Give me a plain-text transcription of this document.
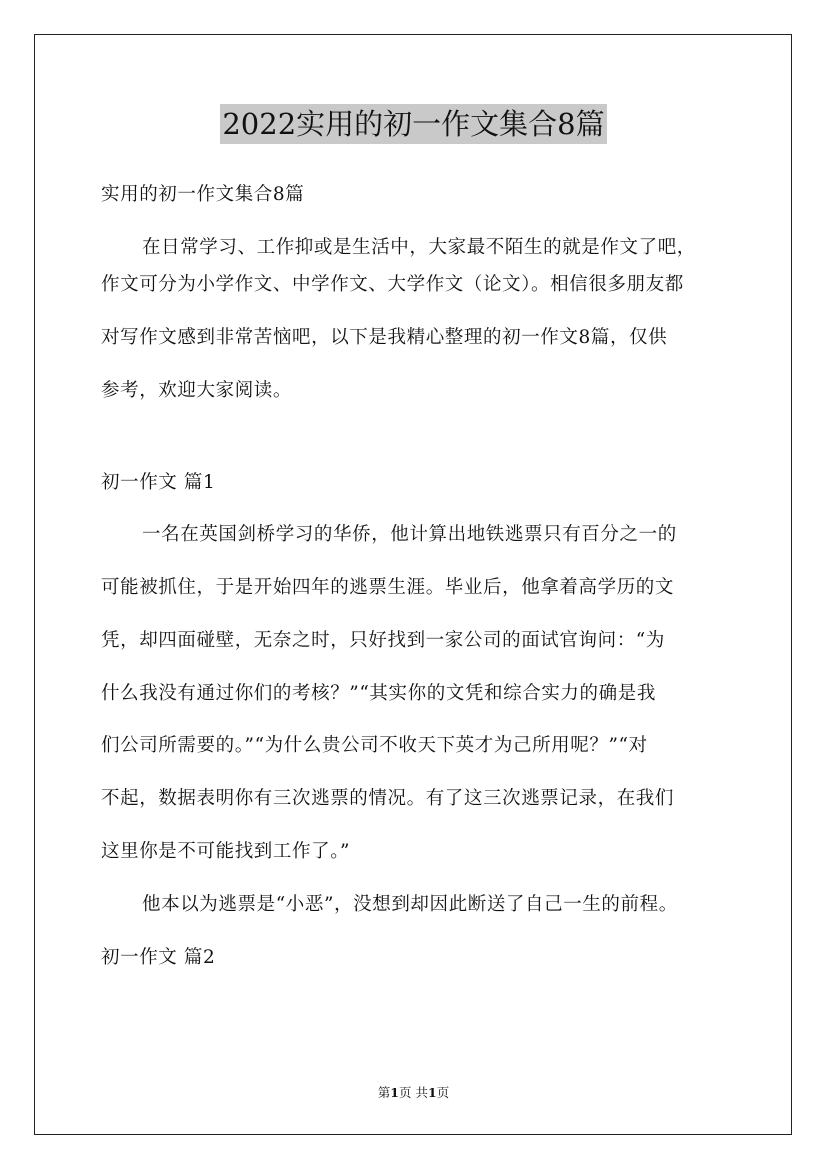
2022实用的初一作文集合8篇

实用的初一作文集合8篇

在日常学习、工作抑或是生活中，大家最不陌生的就是作文了吧，

作文可分为小学作文、中学作文、大学作文（论文）。相信很多朋友都

对写作文感到非常苦恼吧，以下是我精心整理的初一作文8篇，仅供

参考，欢迎大家阅读。

初一作文 篇1

一名在英国剑桥学习的华侨，他计算出地铁逃票只有百分之一的

可能被抓住，于是开始四年的逃票生涯。毕业后，他拿着高学历的文

凭，却四面碰壁，无奈之时，只好找到一家公司的面试官询问：“为

什么我没有通过你们的考核？”“其实你的文凭和综合实力的确是我

们公司所需要的。”“为什么贵公司不收天下英才为己所用呢？”“对

不起，数据表明你有三次逃票的情况。有了这三次逃票记录，在我们

这里你是不可能找到工作了。”

他本以为逃票是“小恶”，没想到却因此断送了自己一生的前程。

初一作文 篇2

第1页 共1页
